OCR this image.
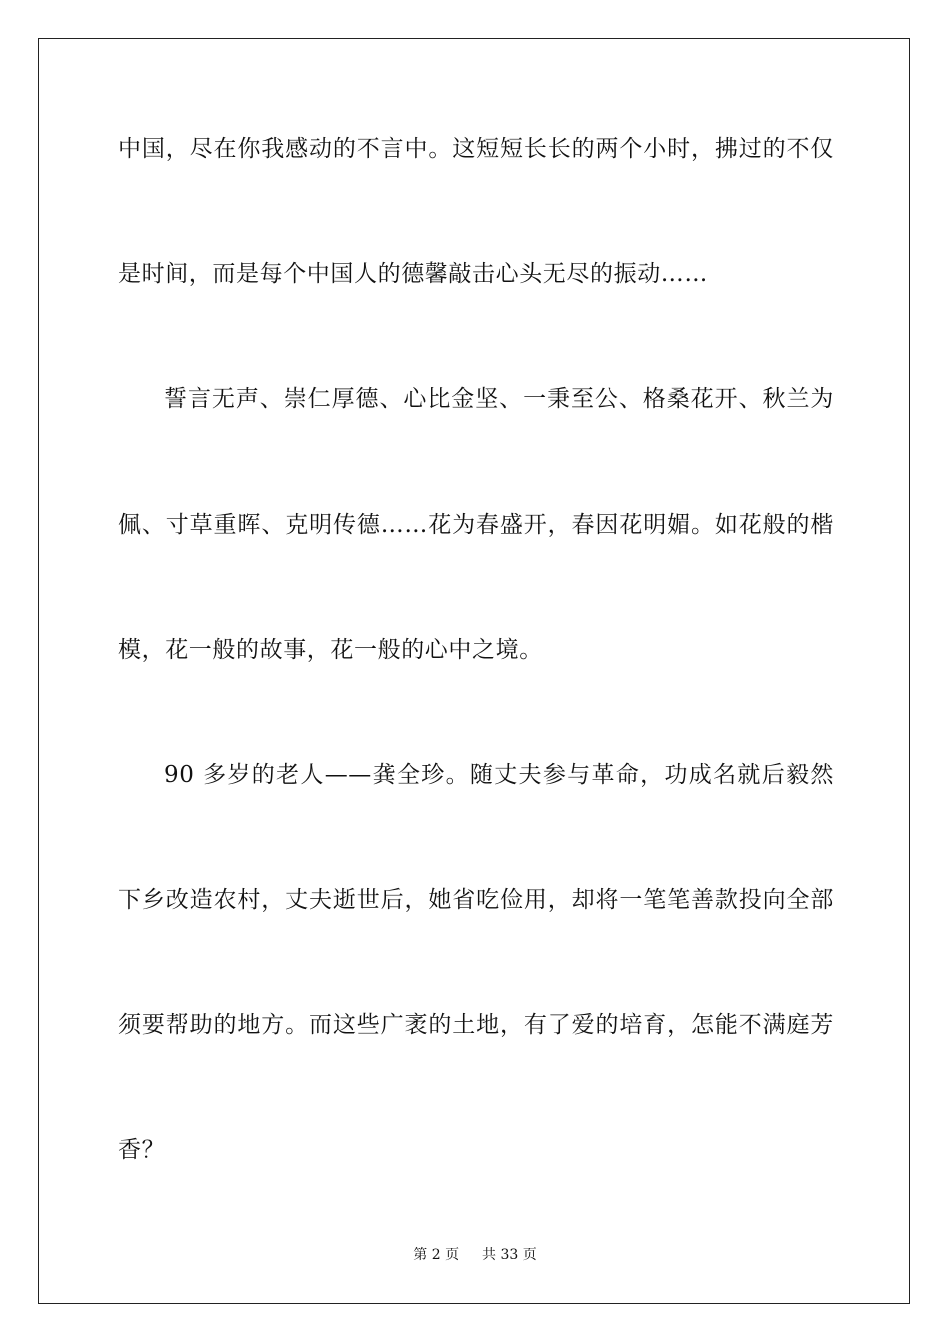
中国，尽在你我感动的不言中。这短短长长的两个小时，拂过的不仅
是时间，而是每个中国人的德馨敲击心头无尽的振动……
誓言无声、崇仁厚德、心比金坚、一秉至公、格桑花开、秋兰为
佩、寸草重晖、克明传德……花为春盛开，春因花明媚。如花般的楷
模，花一般的故事，花一般的心中之境。
90 多岁的老人——龚全珍。随丈夫参与革命，功成名就后毅然
下乡改造农村，丈夫逝世后，她省吃俭用，却将一笔笔善款投向全部
须要帮助的地方。而这些广袤的土地，有了爱的培育，怎能不满庭芳
香？
第 2 页 共 33 页
